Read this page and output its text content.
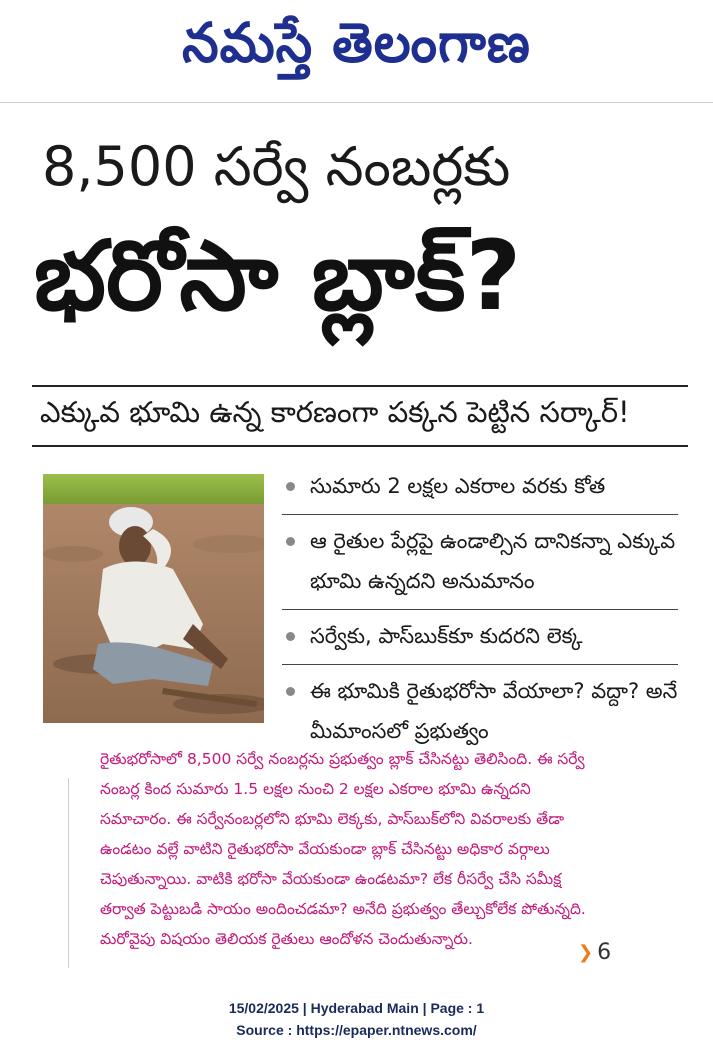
నమస్తే తెలంగాణ
8,500 సర్వే నంబర్లకు
భరోసా బ్లాక్?
ఎక్కువ భూమి ఉన్న కారణంగా పక్కన పెట్టిన సర్కార్!
సుమారు 2 లక్షల ఎకరాల వరకు కోత
ఆ రైతుల పేర్లపై ఉండాల్సిన దానికన్నా ఎక్కువ భూమి ఉన్నదని అనుమానం
సర్వేకు, పాస్‌బుక్‌కూ కుదరని లెక్క
ఈ భూమికి రైతుభరోసా వేయాలా? వద్దా? అనే మీమాంసలో ప్రభుత్వం
రైతుభరోసాలో 8,500 సర్వే నంబర్లను ప్రభుత్వం బ్లాక్ చేసినట్టు తెలిసింది. ఈ సర్వే
నంబర్ల కింద సుమారు 1.5 లక్షల నుంచి 2 లక్షల ఎకరాల భూమి ఉన్నదని
సమాచారం. ఈ సర్వేనంబర్లలోని భూమి లెక్కకు, పాస్‌బుక్‌లోని వివరాలకు తేడా
ఉండటం వల్లే వాటిని రైతుభరోసా వేయకుండా బ్లాక్ చేసినట్టు అధికార వర్గాలు
చెపుతున్నాయి. వాటికి భరోసా వేయకుండా ఉండటమా? లేక రీసర్వే చేసి సమీక్ష
తర్వాత పెట్టుబడి సాయం అందించడమా? అనేది ప్రభుత్వం తేల్చుకోలేక పోతున్నది.
మరోవైపు విషయం తెలియక రైతులు ఆందోళన చెందుతున్నారు.
❯ 6
15/02/2025 | Hyderabad Main | Page : 1
Source : https://epaper.ntnews.com/
